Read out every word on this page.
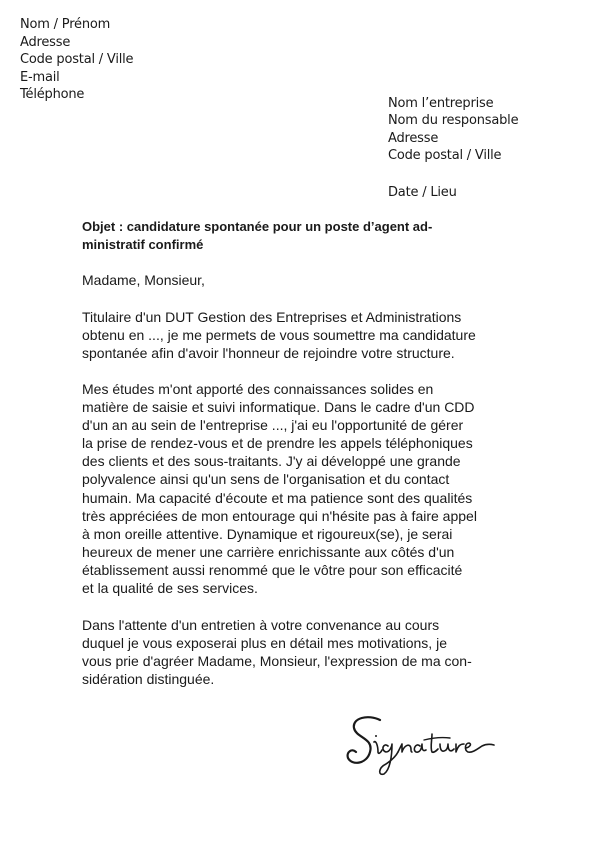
Nom / Prénom
Adresse
Code postal / Ville
E-mail
Téléphone
Nom l’entreprise
Nom du responsable
Adresse
Code postal / Ville
Date / Lieu
Objet : candidature spontanée pour un poste d’agent ad-
ministratif confirmé
Madame, Monsieur,
Titulaire d'un DUT Gestion des Entreprises et Administrations
obtenu en ..., je me permets de vous soumettre ma candidature
spontanée afin d'avoir l'honneur de rejoindre votre structure.
Mes études m'ont apporté des connaissances solides en
matière de saisie et suivi informatique. Dans le cadre d'un CDD
d'un an au sein de l'entreprise ..., j'ai eu l'opportunité de gérer
la prise de rendez-vous et de prendre les appels téléphoniques
des clients et des sous-traitants. J'y ai développé une grande
polyvalence ainsi qu'un sens de l'organisation et du contact
humain. Ma capacité d'écoute et ma patience sont des qualités
très appréciées de mon entourage qui n'hésite pas à faire appel
à mon oreille attentive. Dynamique et rigoureux(se), je serai
heureux de mener une carrière enrichissante aux côtés d'un
établissement aussi renommé que le vôtre pour son efficacité
et la qualité de ses services.
Dans l'attente d'un entretien à votre convenance au cours
duquel je vous exposerai plus en détail mes motivations, je
vous prie d'agréer Madame, Monsieur, l'expression de ma con-
sidération distinguée.
